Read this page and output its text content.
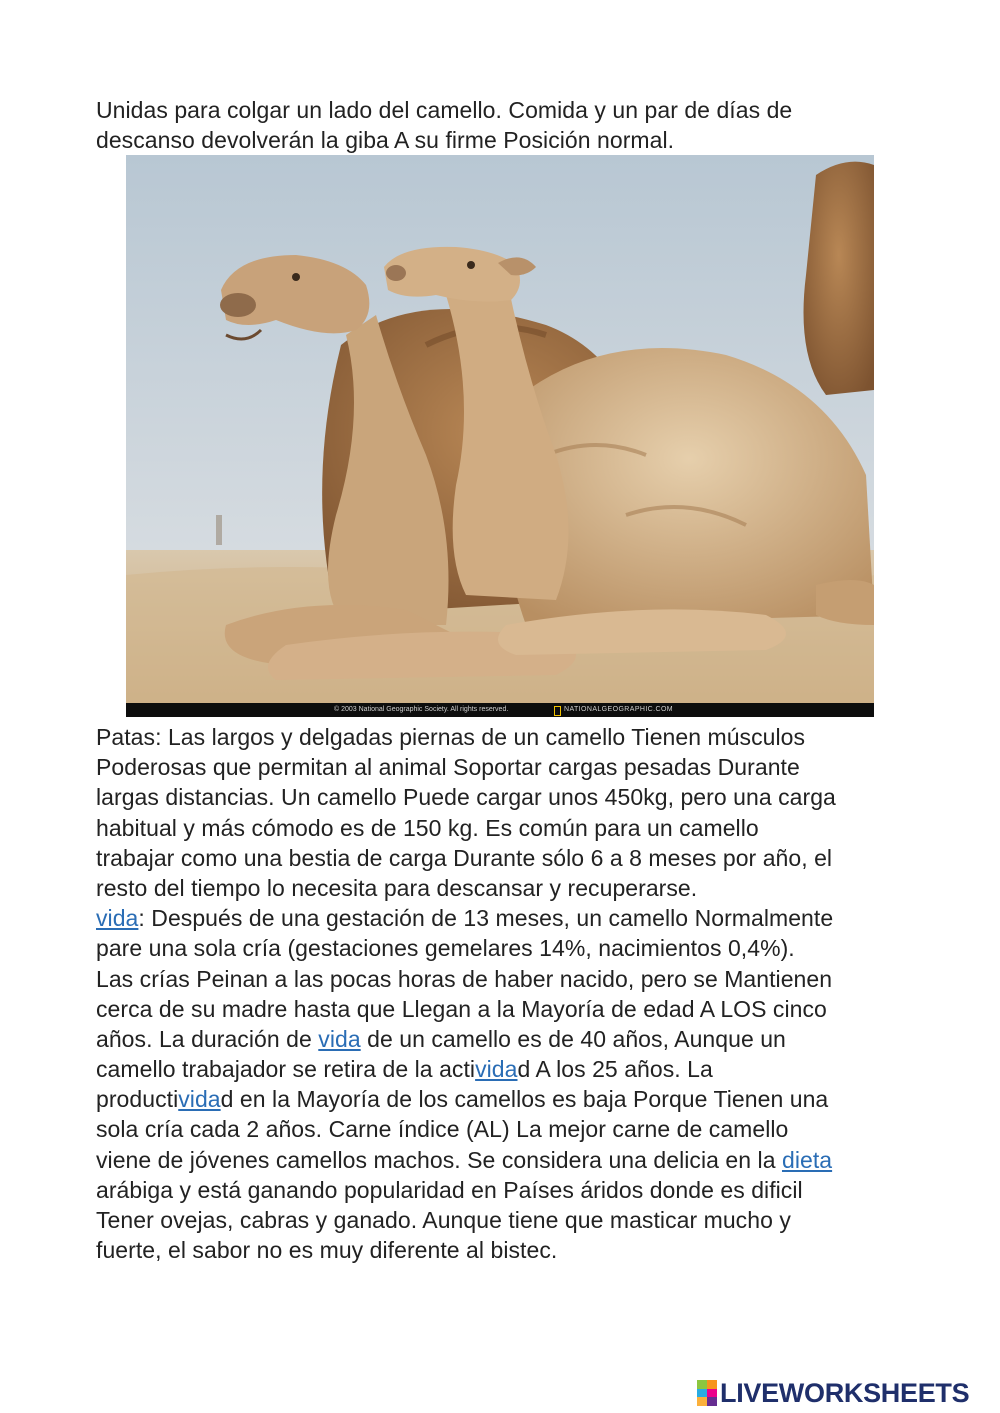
Unidas para colgar un lado del camello. Comida y un par de días de
descanso devolverán la giba A su firme Posición normal.
© 2003 National Geographic Society. All rights reserved.	NATIONALGEOGRAPHIC.COM
Patas: Las largos y delgadas piernas de un camello Tienen músculos
Poderosas que permitan al animal Soportar cargas pesadas Durante
largas distancias. Un camello Puede cargar unos 450kg, pero una carga
habitual y más cómodo es de 150 kg. Es común para un camello
trabajar como una bestia de carga Durante sólo 6 a 8 meses por año, el
resto del tiempo lo necesita para descansar y recuperarse.
vida: Después de una gestación de 13 meses, un camello Normalmente
pare una sola cría (gestaciones gemelares 14%, nacimientos 0,4%).
Las crías Peinan a las pocas horas de haber nacido, pero se Mantienen
cerca de su madre hasta que Llegan a la Mayoría de edad A LOS cinco
años. La duración de vida de un camello es de 40 años, Aunque un
camello trabajador se retira de la actividad A los 25 años. La
productividad en la Mayoría de los camellos es baja Porque Tienen una
sola cría cada 2 años. Carne índice (AL) La mejor carne de camello
viene de jóvenes camellos machos. Se considera una delicia en la dieta
arábiga y está ganando popularidad en Países áridos donde es dificil
Tener ovejas, cabras y ganado. Aunque tiene que masticar mucho y
fuerte, el sabor no es muy diferente al bistec.
LIVEWORKSHEETS
